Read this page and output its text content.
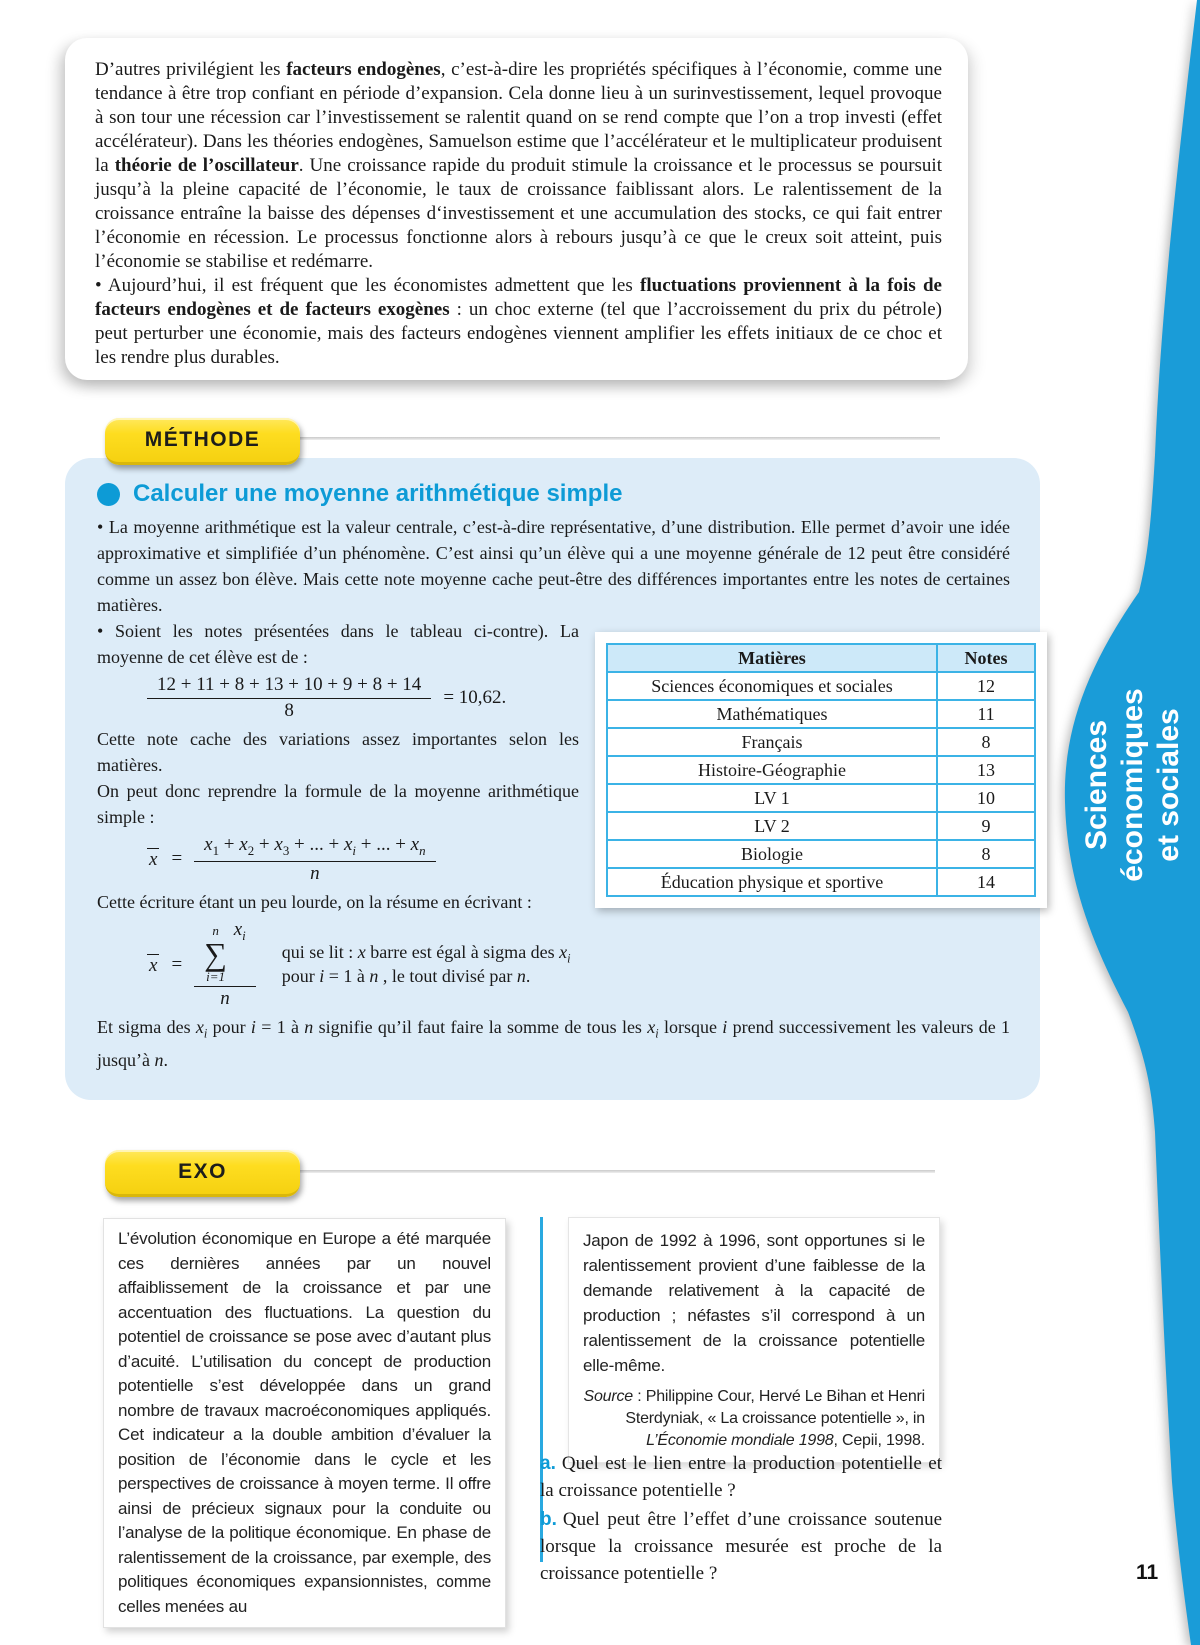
Sciences économiques et sociales
D’autres privilégient les facteurs endogènes, c’est-à-dire les propriétés spécifiques à l’économie, comme une tendance à être trop confiant en période d’expansion. Cela donne lieu à un surinvestissement, lequel provoque à son tour une récession car l’investissement se ralentit quand on se rend compte que l’on a trop investi (effet accélérateur). Dans les théories endogènes, Samuelson estime que l’accélérateur et le multiplicateur produisent la théorie de l’oscillateur. Une croissance rapide du produit stimule la croissance et le processus se poursuit jusqu’à la pleine capacité de l’économie, le taux de croissance faiblissant alors. Le ralentissement de la croissance entraîne la baisse des dépenses d‘investissement et une accumulation des stocks, ce qui fait entrer l’économie en récession. Le processus fonctionne alors à rebours jusqu’à ce que le creux soit atteint, puis l’économie se stabilise et redémarre.
• Aujourd’hui, il est fréquent que les économistes admettent que les fluctuations proviennent à la fois de facteurs endogènes et de facteurs exogènes : un choc externe (tel que l’accroissement du prix du pétrole) peut perturber une économie, mais des facteurs endogènes viennent amplifier les effets initiaux de ce choc et les rendre plus durables.
MÉTHODE
Calculer une moyenne arithmétique simple
• La moyenne arithmétique est la valeur centrale, c’est-à-dire représentative, d’une distribution. Elle permet d’avoir une idée approximative et simplifiée d’un phénomène. C’est ainsi qu’un élève qui a une moyenne générale de 12 peut être considéré comme un assez bon élève. Mais cette note moyenne cache peut-être des différences importantes entre les notes de certaines matières.
Matières	Notes
Sciences économiques et sociales	12
Mathématiques	11
Français	8
Histoire-Géographie	13
LV 1	10
LV 2	9
Biologie	8
Éducation physique et sportive	14
• Soient les notes présentées dans le tableau ci-contre). La moyenne de cet élève est de :
$\frac{12 + 11 + 8 + 13 + 10 + 9 + 8 + 14}{8} = 10,62$.
Cette note cache des variations assez importantes selon les matières.
On peut donc reprendre la formule de la moyenne arithmétique simple :
$x = \frac{x_1 + x_2 + x_3 + ... + x_i + ... + x_n}{n}$
Cette écriture étant un peu lourde, on la résume en écrivant :
x = n
∑
i=1
$x_i$
n qui se lit : x barre est égal à sigma des $x_i$ pour i = 1 à n , le tout divisé par n.
Et sigma des $x_i$ pour i = 1 à n signifie qu’il faut faire la somme de tous les $x_i$ lorsque i prend successivement les valeurs de 1 jusqu’à n.
EXO
L’évolution économique en Europe a été marquée ces dernières années par un nouvel affaiblissement de la croissance et par une accentuation des fluctuations. La question du potentiel de croissance se pose avec d’autant plus d’acuité. L’utilisation du concept de production potentielle s’est développée dans un grand nombre de travaux macroéconomiques appliqués. Cet indicateur a la double ambition d’évaluer la position de l’économie dans le cycle et les perspectives de croissance à moyen terme. Il offre ainsi de précieux signaux pour la conduite ou l’analyse de la politique économique. En phase de ralentissement de la croissance, par exemple, des politiques économiques expansionnistes, comme celles menées au
Japon de 1992 à 1996, sont opportunes si le ralentissement provient d’une faiblesse de la demande relativement à la capacité de production ; néfastes s’il correspond à un ralentissement de la croissance potentielle elle-même.
Source : Philippine Cour, Hervé Le Bihan et Henri Sterdyniak, « La croissance potentielle », in L’Économie mondiale 1998, Cepii, 1998.
a. Quel est le lien entre la production potentielle et la croissance potentielle ?
b. Quel peut être l’effet d’une croissance soutenue lorsque la croissance mesurée est proche de la croissance potentielle ?	11
